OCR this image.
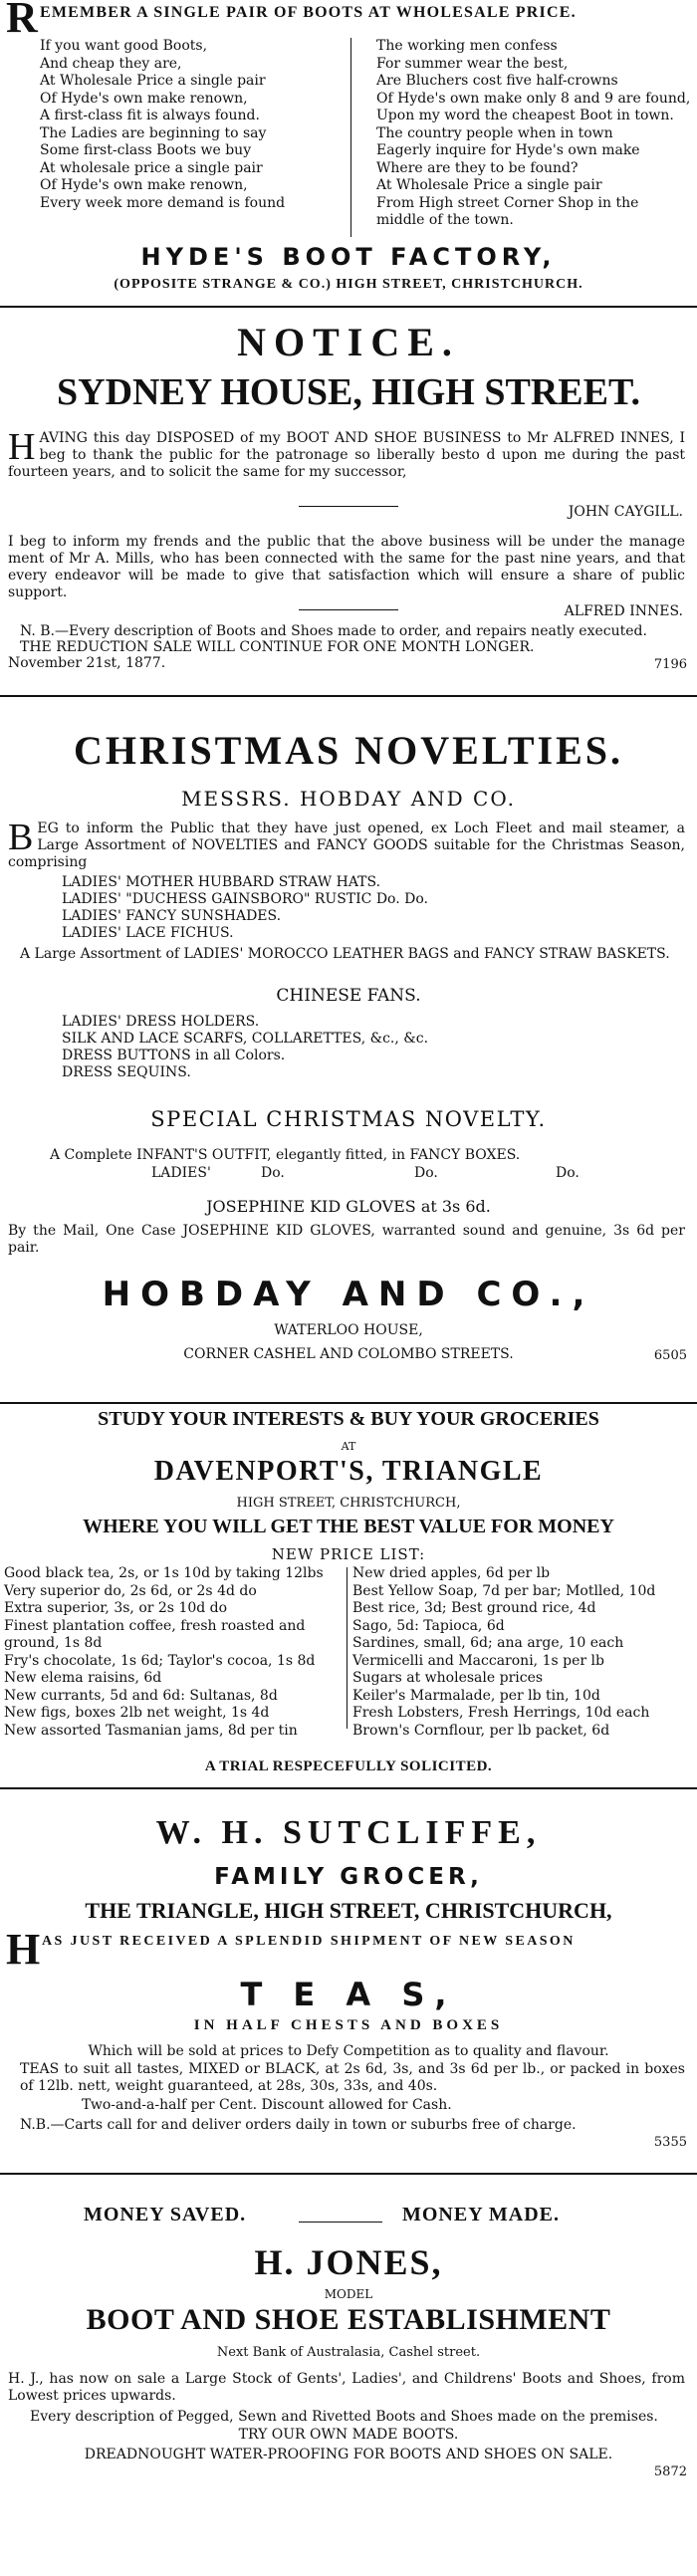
R EMEMBER A SINGLE PAIR OF BOOTS AT WHOLESALE PRICE.
If you want good Boots,
And cheap they are,
At Wholesale Price a single pair
Of Hyde's own make renown,
A first-class fit is always found.
The Ladies are beginning to say
Some first-class Boots we buy
At wholesale price a single pair
Of Hyde's own make renown,
Every week more demand is found
The working men confess
For summer wear the best,
Are Bluchers cost five half-crowns
Of Hyde's own make only 8 and 9 are found,
Upon my word the cheapest Boot in town.
The country people when in town
Eagerly inquire for Hyde's own make
Where are they to be found?
At Wholesale Price a single pair
From High street Corner Shop in the
middle of the town.
HYDE'S BOOT FACTORY,
(OPPOSITE STRANGE & CO.) HIGH STREET, CHRISTCHURCH.
NOTICE.
SYDNEY HOUSE, HIGH STREET.
HAVING this day DISPOSED of my BOOT AND SHOE BUSINESS to Mr ALFRED INNES, I beg to thank the public for the patronage so liberally besto d upon me during the past fourteen years, and to solicit the same for my successor,
JOHN CAYGILL.
I beg to inform my frends and the public that the above business will be under the manage ment of Mr A. Mills, who has been connected with the same for the past nine years, and that every endeavor will be made to give that satisfaction which will ensure a share of public support.
ALFRED INNES.
N. B.—Every description of Boots and Shoes made to order, and repairs neatly executed.
THE REDUCTION SALE WILL CONTINUE FOR ONE MONTH LONGER.
November 21st, 1877.	7196
CHRISTMAS NOVELTIES.
MESSRS. HOBDAY AND CO.
BEG to inform the Public that they have just opened, ex Loch Fleet and mail steamer, a Large Assortment of NOVELTIES and FANCY GOODS suitable for the Christmas Season, comprising
LADIES' MOTHER HUBBARD STRAW HATS.
LADIES' "DUCHESS GAINSBORO" RUSTIC Do. Do.
LADIES' FANCY SUNSHADES.
LADIES' LACE FICHUS.
A Large Assortment of LADIES' MOROCCO LEATHER BAGS and FANCY STRAW BASKETS.
CHINESE FANS.
LADIES' DRESS HOLDERS.
SILK AND LACE SCARFS, COLLARETTES, &c., &c.
DRESS BUTTONS in all Colors.
DRESS SEQUINS.
SPECIAL CHRISTMAS NOVELTY.
A Complete INFANT'S OUTFIT, elegantly fitted, in FANCY BOXES.
LADIES'	Do.	Do.	Do.
JOSEPHINE KID GLOVES at 3s 6d.
By the Mail, One Case JOSEPHINE KID GLOVES, warranted sound and genuine, 3s 6d per pair.
HOBDAY AND CO.,
WATERLOO HOUSE,
CORNER CASHEL AND COLOMBO STREETS.	6505
STUDY YOUR INTERESTS & BUY YOUR GROCERIES
AT
DAVENPORT'S, TRIANGLE
HIGH STREET, CHRISTCHURCH,
WHERE YOU WILL GET THE BEST VALUE FOR MONEY
NEW PRICE LIST:
Good black tea, 2s, or 1s 10d by taking 12lbs
Very superior do, 2s 6d, or 2s 4d do
Extra superior, 3s, or 2s 10d do
Finest plantation coffee, fresh roasted and
ground, 1s 8d
Fry's chocolate, 1s 6d; Taylor's cocoa, 1s 8d
New elema raisins, 6d
New currants, 5d and 6d: Sultanas, 8d
New figs, boxes 2lb net weight, 1s 4d
New assorted Tasmanian jams, 8d per tin
New dried apples, 6d per lb
Best Yellow Soap, 7d per bar; Motlled, 10d
Best rice, 3d; Best ground rice, 4d
Sago, 5d: Tapioca, 6d
Sardines, small, 6d; ana arge, 10 each
Vermicelli and Maccaroni, 1s per lb
Sugars at wholesale prices
Keiler's Marmalade, per lb tin, 10d
Fresh Lobsters, Fresh Herrings, 10d each
Brown's Cornflour, per lb packet, 6d
A TRIAL RESPECEFULLY SOLICITED.
W. H. SUTCLIFFE,
FAMILY GROCER,
THE TRIANGLE, HIGH STREET, CHRISTCHURCH,
H AS JUST RECEIVED A SPLENDID SHIPMENT OF NEW SEASON
T E A S,
IN HALF CHESTS AND BOXES
Which will be sold at prices to Defy Competition as to quality and flavour.
TEAS to suit all tastes, MIXED or BLACK, at 2s 6d, 3s, and 3s 6d per lb., or packed in boxes of 12lb. nett, weight guaranteed, at 28s, 30s, 33s, and 40s.
Two-and-a-half per Cent. Discount allowed for Cash.
N.B.—Carts call for and deliver orders daily in town or suburbs free of charge.
5355
MONEY SAVED.	MONEY MADE.
H. JONES,
MODEL
BOOT AND SHOE ESTABLISHMENT
Next Bank of Australasia, Cashel street.
H. J., has now on sale a Large Stock of Gents', Ladies', and Childrens' Boots and Shoes, from Lowest prices upwards.
Every description of Pegged, Sewn and Rivetted Boots and Shoes made on the premises.
TRY OUR OWN MADE BOOTS.
DREADNOUGHT WATER-PROOFING FOR BOOTS AND SHOES ON SALE.
5872
